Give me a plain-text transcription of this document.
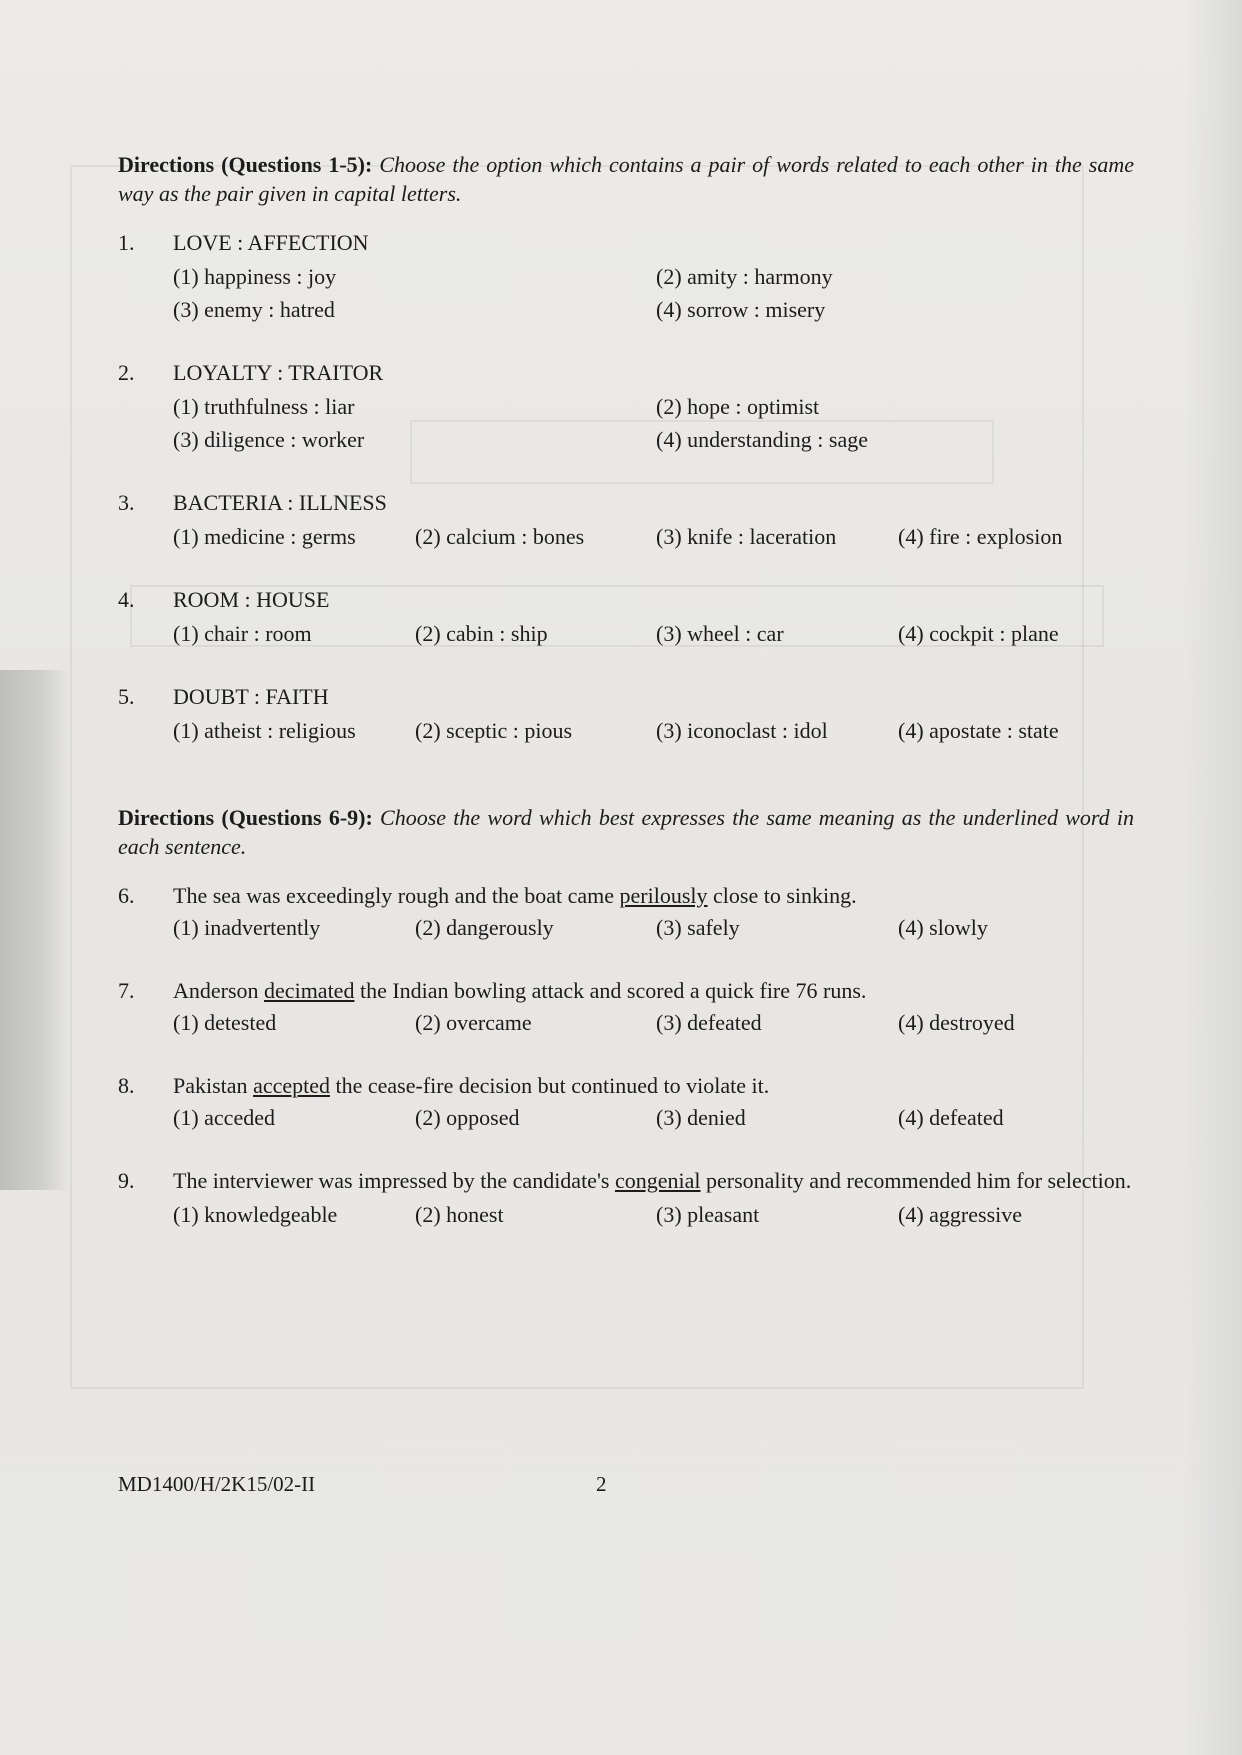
Directions (Questions 1-5): Choose the option which contains a pair of words related to each other in the same way as the pair given in capital letters.

1.	LOVE : AFFECTION
(1) happiness : joy	(2) amity : harmony
(3) enemy : hatred	(4) sorrow : misery
2.	LOYALTY : TRAITOR
(1) truthfulness : liar	(2) hope : optimist
(3) diligence : worker	(4) understanding : sage
3.	BACTERIA : ILLNESS
(1) medicine : germs	(2) calcium : bones	(3) knife : laceration	(4) fire : explosion
4.	ROOM : HOUSE
(1) chair : room	(2) cabin : ship	(3) wheel : car	(4) cockpit : plane
5.	DOUBT : FAITH
(1) atheist : religious	(2) sceptic : pious	(3) iconoclast : idol	(4) apostate : state

Directions (Questions 6-9): Choose the word which best expresses the same meaning as the underlined word in each sentence.

6.	The sea was exceedingly rough and the boat came perilously close to sinking.
(1) inadvertently	(2) dangerously	(3) safely	(4) slowly
7.	Anderson decimated the Indian bowling attack and scored a quick fire 76 runs.
(1) detested	(2) overcame	(3) defeated	(4) destroyed
8.	Pakistan accepted the cease-fire decision but continued to violate it.
(1) acceded	(2) opposed	(3) denied	(4) defeated
9.	The interviewer was impressed by the candidate's congenial personality and recommended him for selection.
(1) knowledgeable	(2) honest	(3) pleasant	(4) aggressive
MD1400/H/2K15/02-II	2
